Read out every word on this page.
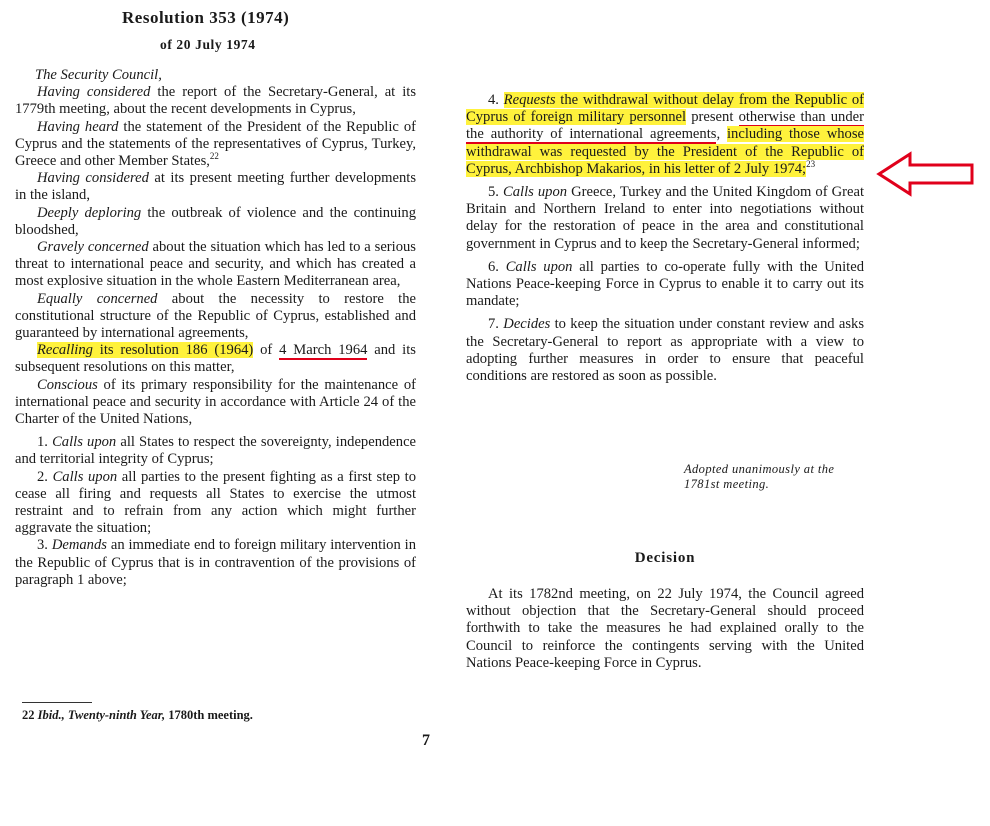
Resolution 353 (1974)
of 20 July 1974

The Security Council,

Having considered the report of the Secretary-General, at its 1779th meeting, about the recent developments in Cyprus,

Having heard the statement of the President of the Republic of Cyprus and the statements of the representatives of Cyprus, Turkey, Greece and other Member States,$^{22}$

Having considered at its present meeting further developments in the island,

Deeply deploring the outbreak of violence and the continuing bloodshed,

Gravely concerned about the situation which has led to a serious threat to international peace and security, and which has created a most explosive situation in the whole Eastern Mediterranean area,

Equally concerned about the necessity to restore the constitutional structure of the Republic of Cyprus, established and guaranteed by international agreements,

Recalling its resolution 186 (1964) of 4 March 1964 and its subsequent resolutions on this matter,

Conscious of its primary responsibility for the maintenance of international peace and security in accordance with Article 24 of the Charter of the United Nations,

1. Calls upon all States to respect the sovereignty, independence and territorial integrity of Cyprus;

2. Calls upon all parties to the present fighting as a first step to cease all firing and requests all States to exercise the utmost restraint and to refrain from any action which might further aggravate the situation;

3. Demands an immediate end to foreign military intervention in the Republic of Cyprus that is in contravention of the provisions of paragraph 1 above;

22 Ibid., Twenty-ninth Year, 1780th meeting.
7

4. Requests the withdrawal without delay from the Republic of Cyprus of foreign military personnel present otherwise than under the authority of international agreements, including those whose withdrawal was requested by the President of the Republic of Cyprus, Archbishop Makarios, in his letter of 2 July 1974;$^{23}$

5. Calls upon Greece, Turkey and the United Kingdom of Great Britain and Northern Ireland to enter into negotiations without delay for the restoration of peace in the area and constitutional government in Cyprus and to keep the Secretary-General informed;

6. Calls upon all parties to co-operate fully with the United Nations Peace-keeping Force in Cyprus to enable it to carry out its mandate;

7. Decides to keep the situation under constant review and asks the Secretary-General to report as appropriate with a view to adopting further measures in order to ensure that peaceful conditions are restored as soon as possible.

Adopted unanimously at the
1781st meeting.
Decision

At its 1782nd meeting, on 22 July 1974, the Council agreed without objection that the Secretary-General should proceed forthwith to take the measures he had explained orally to the Council to reinforce the contingents serving with the United Nations Peace-keeping Force in Cyprus.
